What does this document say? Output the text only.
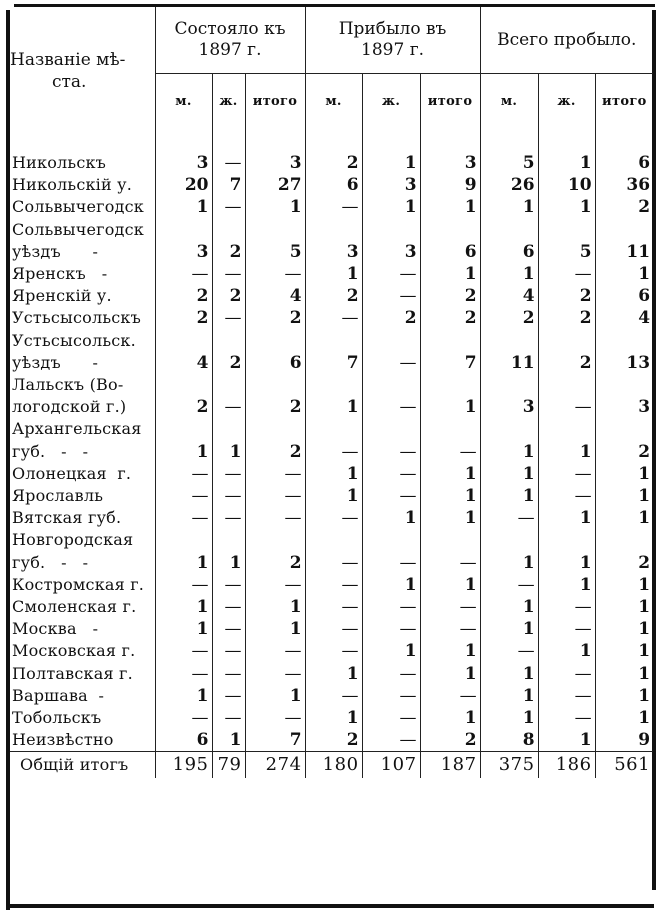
Названіе мѣ-
ста.	Состояло къ
1897 г.			Прибыло въ
1897 г.			Всего пробыло.		
	м.	ж.	итого	м.	ж.	итого	м.	ж.	итого

Никольскъ	3	—	3	2	1	3	5	1	6
Никольскій у.	20	7	27	6	3	9	26	10	36
Сольвычегодск	1	—	1	—	1	1	1	1	2
Сольвычегодск									
уѣздъ      -	3	2	5	3	3	6	6	5	11
Яренскъ   -	—	—	—	1	—	1	1	—	1
Яренскій у.	2	2	4	2	—	2	4	2	6
Устьсысольскъ	2	—	2	—	2	2	2	2	4
Устьсысольск.									
уѣздъ      -	4	2	6	7	—	7	11	2	13
Лальскъ (Во-									
логодской г.)	2	—	2	1	—	1	3	—	3
Архангельская									
губ.   -   -	1	1	2	—	—	—	1	1	2
Олонецкая  г.	—	—	—	1	—	1	1	—	1
Ярославль	—	—	—	1	—	1	1	—	1
Вятская губ.	—	—	—	—	1	1	—	1	1
Новгородская									
губ.   -   -	1	1	2	—	—	—	1	1	2
Костромская г.	—	—	—	—	1	1	—	1	1
Смоленская г.	1	—	1	—	—	—	1	—	1
Москва   -	1	—	1	—	—	—	1	—	1
Московская г.	—	—	—	—	1	1	—	1	1
Полтавская г.	—	—	—	1	—	1	1	—	1
Варшава  -	1	—	1	—	—	—	1	—	1
Тобольскъ	—	—	—	1	—	1	1	—	1
Неизвѣстно	6	1	7	2	—	2	8	1	9
Общій итогъ	195	79	274	180	107	187	375	186	561
